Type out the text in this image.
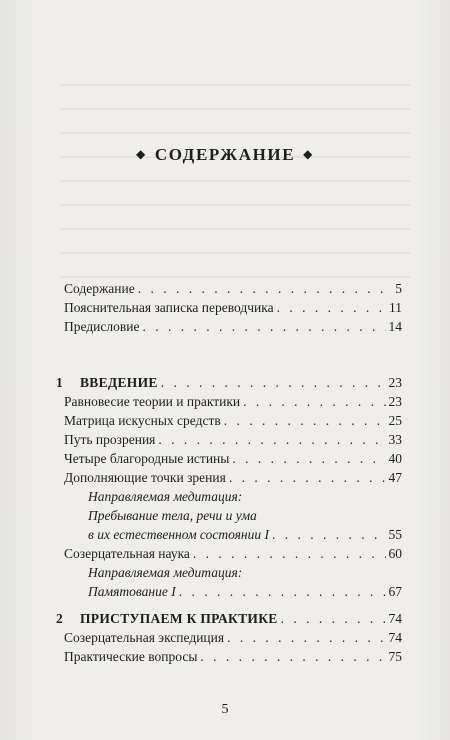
◆ СОДЕРЖАНИЕ ◆
Содержание . . .	5
Пояснительная записка переводчика . . .	11
Предисловие . . .	14
1	ВВЕДЕНИЕ . . .	23
Равновесие теории и практики . . .	23
Матрица искусных средств . . .	25
Путь прозрения . . .	33
Четыре благородные истины . . .	40
Дополняющие точки зрения . . .	47
Направляемая медитация:
Пребывание тела, речи и ума
в их естественном состоянии I . . .	55
Созерцательная наука . . .	60
Направляемая медитация:
Памятование I . . .	67
2	ПРИСТУПАЕМ К ПРАКТИКЕ . . .	74
Созерцательная экспедиция . . .	74
Практические вопросы . . .	75
5
